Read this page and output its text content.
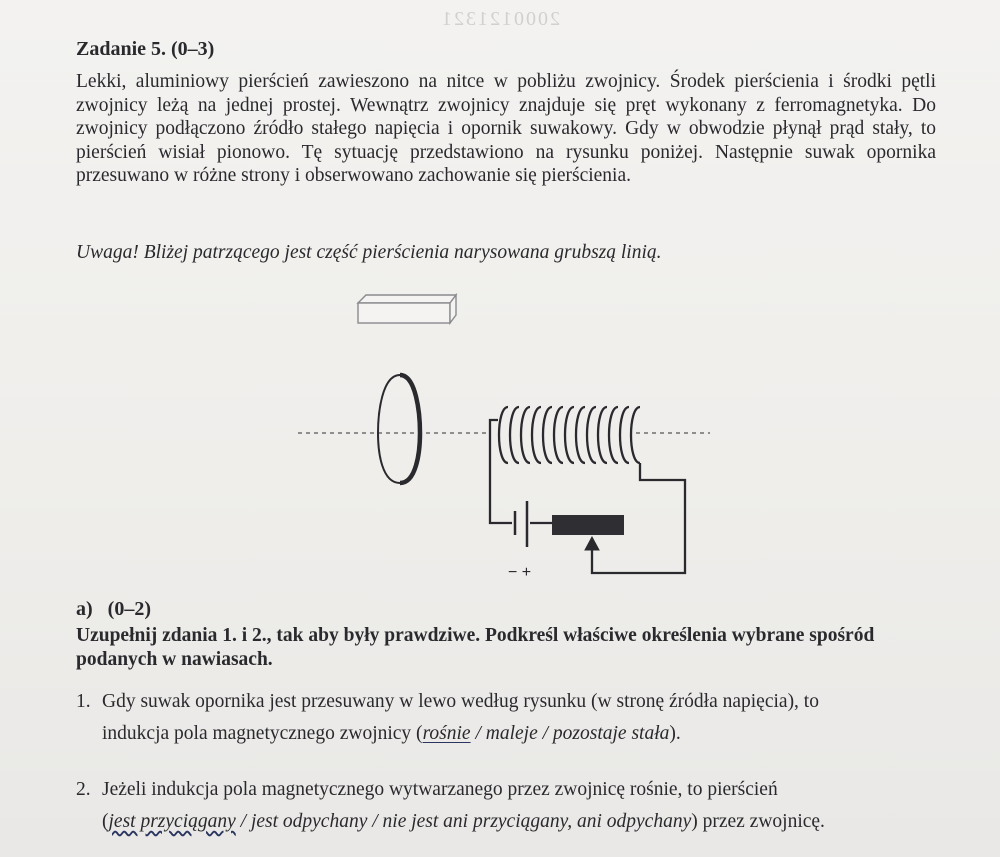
2000121321
Zadanie 5. (0–3)

Lekki, aluminiowy pierścień zawieszono na nitce w pobliżu zwojnicy. Środek pierścienia i środki pętli zwojnicy leżą na jednej prostej. Wewnątrz zwojnicy znajduje się pręt wykonany z ferromagnetyka. Do zwojnicy podłączono źródło stałego napięcia i opornik suwakowy. Gdy w obwodzie płynął prąd stały, to pierścień wisiał pionowo. Tę sytuację przedstawiono na rysunku poniżej. Następnie suwak opornika przesuwano w różne strony i obserwowano zachowanie się pierścienia.

Uwaga! Bliżej patrzącego jest część pierścienia narysowana grubszą linią.

− +
a)   (0–2)

Uzupełnij zdania 1. i 2., tak aby były prawdziwe. Podkreśl właściwe określenia wybrane spośród podanych w nawiasach.

1. Gdy suwak opornika jest przesuwany w lewo według rysunku (w stronę źródła napięcia), to
indukcja pola magnetycznego zwojnicy (rośnie / maleje / pozostaje stała).
2. Jeżeli indukcja pola magnetycznego wytwarzanego przez zwojnicę rośnie, to pierścień
(jest przyciągany / jest odpychany / nie jest ani przyciągany, ani odpychany) przez zwojnicę.
